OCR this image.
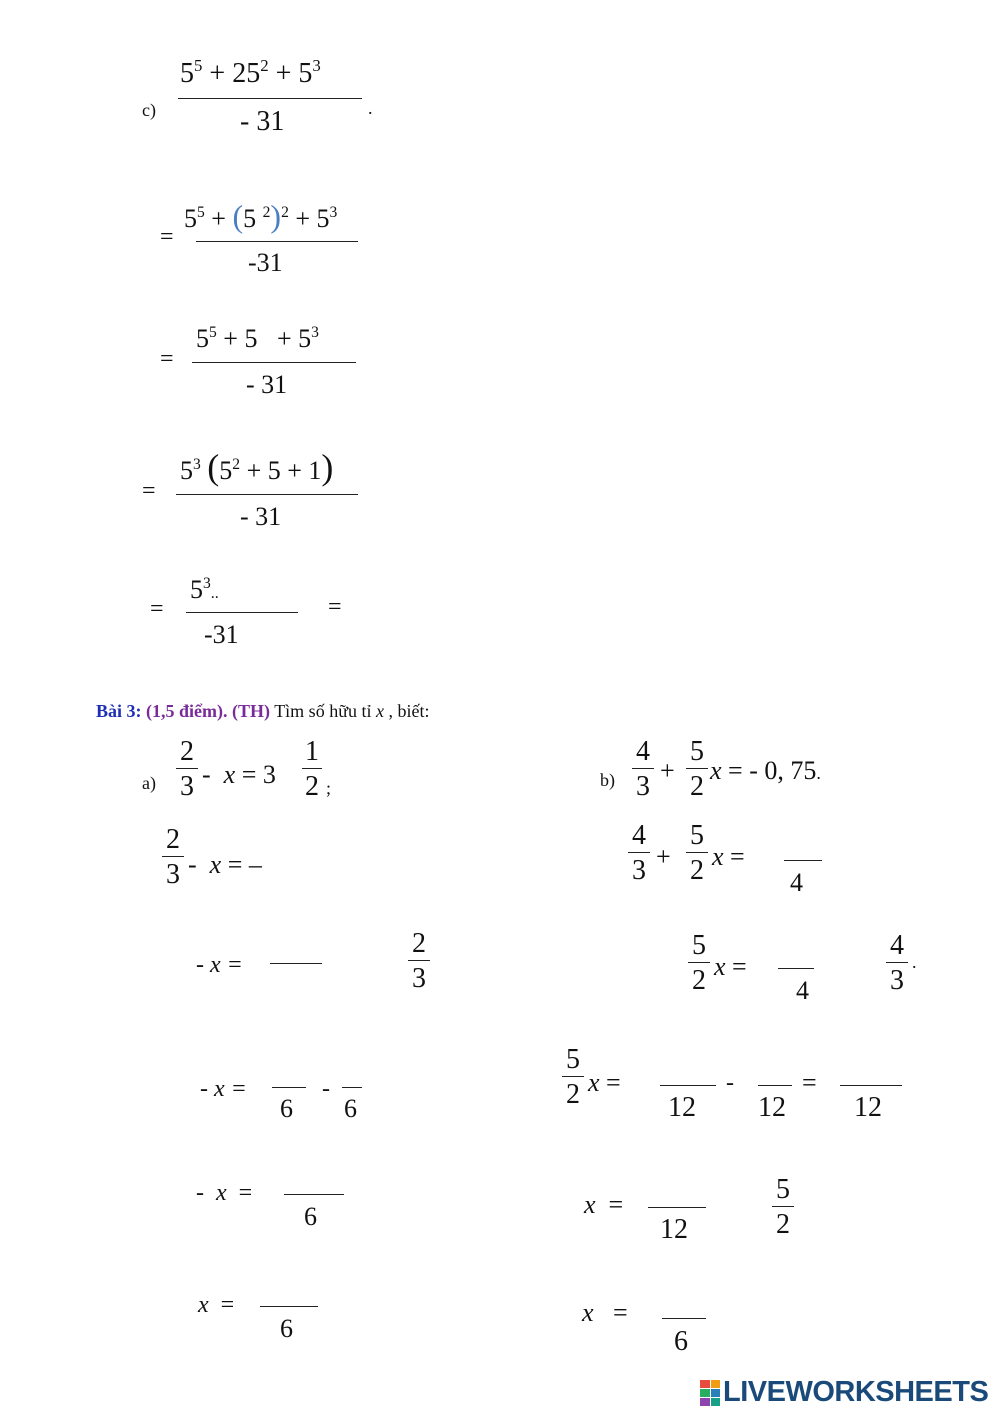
c)
$5^5 + 25^2 + 5^3$
- 31	.
=
$5^5 + (5$ $^2)^2 + 5^3$
-31
=
$5^5 + 5 + 5^3$
- 31
=
$5^3$ $(5^2 + 5 + 1)$
- 31
=
$5^3$..
-31
=
Bài 3: (1,5 điểm). (TH) Tìm số hữu tỉ x , biết:
a)
2
3 - x = 3
1
2 ;
2
3 - x = –
- x =
2
3
- x =
6
-
6
- x =
6
x =
6
b)
4
3
+
5
2
x = - 0, 75.
4
3 +
5
2 x =
4
5
2 x =
4
4
3
.
5
2 x =
12
-
12
=
12
x =
12
5
2
x =
6
LIVEWORKSHEETS
